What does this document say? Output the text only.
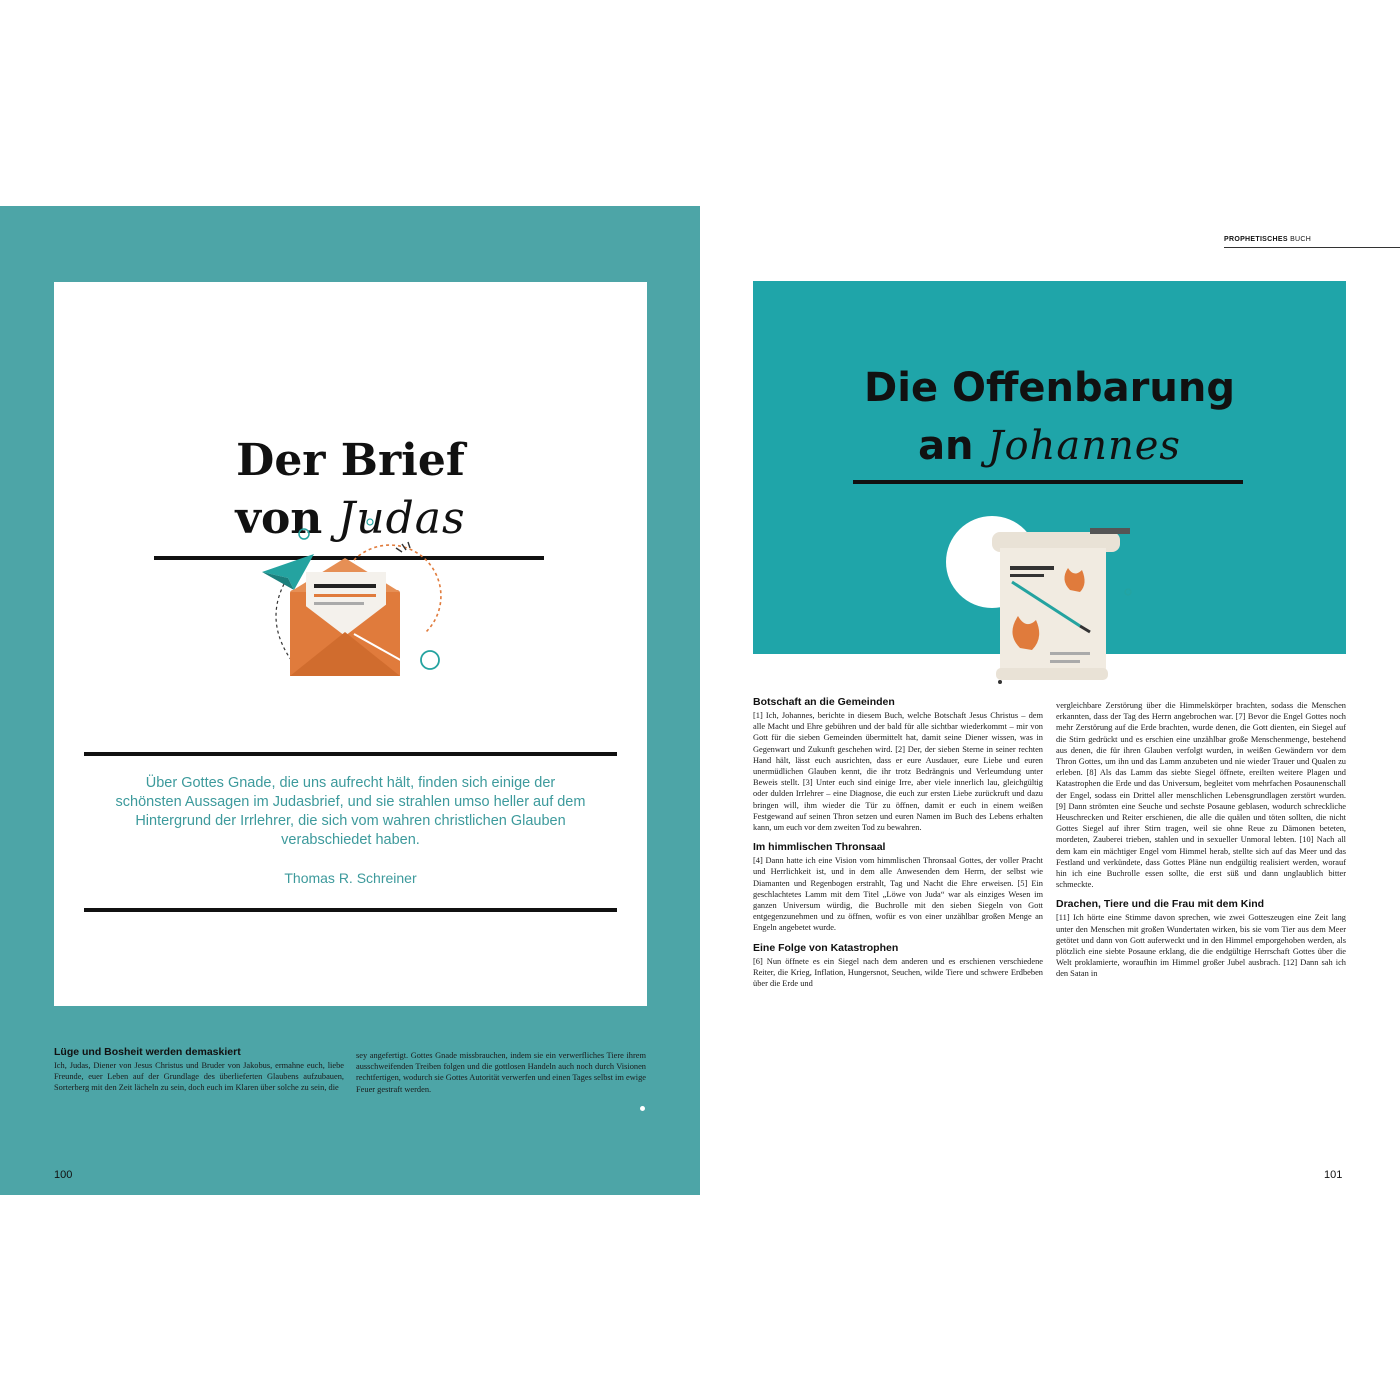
Der Brief
von Judas
Über Gottes Gnade, die uns aufrecht hält, finden sich einige der schönsten Aussagen im Judasbrief, und sie strahlen umso heller auf dem Hintergrund der Irrlehrer, die sich vom wahren christlichen Glauben verabschiedet haben.
Thomas R. Schreiner
Lüge und Bosheit werden demaskiert
Ich, Judas, Diener von Jesus Christus und Bruder von Jakobus, ermahne euch, liebe Freunde, euer Leben auf der Grundlage des überlieferten Glaubens aufzubauen, Sorterberg mit den Zeit lächeln zu sein, doch euch im Klaren über solche zu sein, die
sey angefertigt. Gottes Gnade missbrauchen, indem sie ein verwerfliches Tiere ihrem ausschweifenden Treiben folgen und die gottlosen Handeln auch noch durch Visionen rechtfertigen, wodurch sie Gottes Autorität verwerfen und einen Tages selbst im ewige Feuer gestraft werden.
100
PROPHETISCHES BUCH
Die Offenbarung
an Johannes
Botschaft an die Gemeinden

[1] Ich, Johannes, berichte in diesem Buch, welche Botschaft Jesus Christus – dem alle Macht und Ehre gebühren und der bald für alle sichtbar wiederkommt – mir von Gott für die sieben Gemeinden übermittelt hat, damit seine Diener wissen, was in Gegenwart und Zukunft geschehen wird. [2] Der, der sieben Sterne in seiner rechten Hand hält, lässt euch ausrichten, dass er eure Ausdauer, eure Liebe und euren unermüdlichen Glauben kennt, die ihr trotz Bedrängnis und Verleumdung unter Beweis stellt. [3] Unter euch sind einige Irre, aber viele innerlich lau, gleichgültig oder dulden Irrlehrer – eine Diagnose, die euch zur ersten Liebe zurückruft und dazu bringen will, ihm wieder die Tür zu öffnen, damit er euch in einem weißen Festgewand auf seinen Thron setzen und euren Namen im Buch des Lebens erhalten kann, um euch vor dem zweiten Tod zu bewahren.

Im himmlischen Thronsaal

[4] Dann hatte ich eine Vision vom himmlischen Thronsaal Gottes, der voller Pracht und Herrlichkeit ist, und in dem alle Anwesenden dem Herrn, der selbst wie Diamanten und Regenbogen erstrahlt, Tag und Nacht die Ehre erweisen. [5] Ein geschlachtetes Lamm mit dem Titel „Löwe von Juda“ war als einziges Wesen im ganzen Universum würdig, die Buchrolle mit den sieben Siegeln von Gott entgegenzunehmen und zu öffnen, wofür es von einer unzählbar großen Menge an Engeln angebetet wurde.

Eine Folge von Katastrophen

[6] Nun öffnete es ein Siegel nach dem anderen und es erschienen verschiedene Reiter, die Krieg, Inflation, Hungersnot, Seuchen, wilde Tiere und schwere Erdbeben über die Erde und

vergleichbare Zerstörung über die Himmelskörper brachten, sodass die Menschen erkannten, dass der Tag des Herrn angebrochen war. [7] Bevor die Engel Gottes noch mehr Zerstörung auf die Erde brachten, wurde denen, die Gott dienten, ein Siegel auf die Stirn gedrückt und es erschien eine unzählbar große Menschenmenge, bestehend aus denen, die für ihren Glauben verfolgt wurden, in weißen Gewändern vor dem Thron Gottes, um ihn und das Lamm anzubeten und nie wieder Trauer und Qualen zu erleben. [8] Als das Lamm das siebte Siegel öffnete, ereilten weitere Plagen und Katastrophen die Erde und das Universum, begleitet vom mehrfachen Posaunenschall der Engel, sodass ein Drittel aller menschlichen Lebensgrundlagen zerstört wurden. [9] Dann strömten eine Seuche und sechste Posaune geblasen, wodurch schreckliche Heuschrecken und Reiter erschienen, die alle die quälen und töten sollten, die nicht Gottes Siegel auf ihrer Stirn tragen, weil sie ohne Reue zu Dämonen beteten, mordeten, Zauberei trieben, stahlen und in sexueller Unmoral lebten. [10] Nach all dem kam ein mächtiger Engel vom Himmel herab, stellte sich auf das Meer und das Festland und verkündete, dass Gottes Pläne nun endgültig realisiert werden, worauf hin ich eine Buchrolle essen sollte, die erst süß und dann unglaublich bitter schmeckte.

Drachen, Tiere und die Frau mit dem Kind

[11] Ich hörte eine Stimme davon sprechen, wie zwei Gotteszeugen eine Zeit lang unter den Menschen mit großen Wundertaten wirken, bis sie vom Tier aus dem Meer getötet und dann von Gott auferweckt und in den Himmel emporgehoben werden, als plötzlich eine siebte Posaune erklang, die die endgültige Herrschaft Gottes über die Welt proklamierte, woraufhin im Himmel großer Jubel ausbrach. [12] Dann sah ich den Satan in

101
